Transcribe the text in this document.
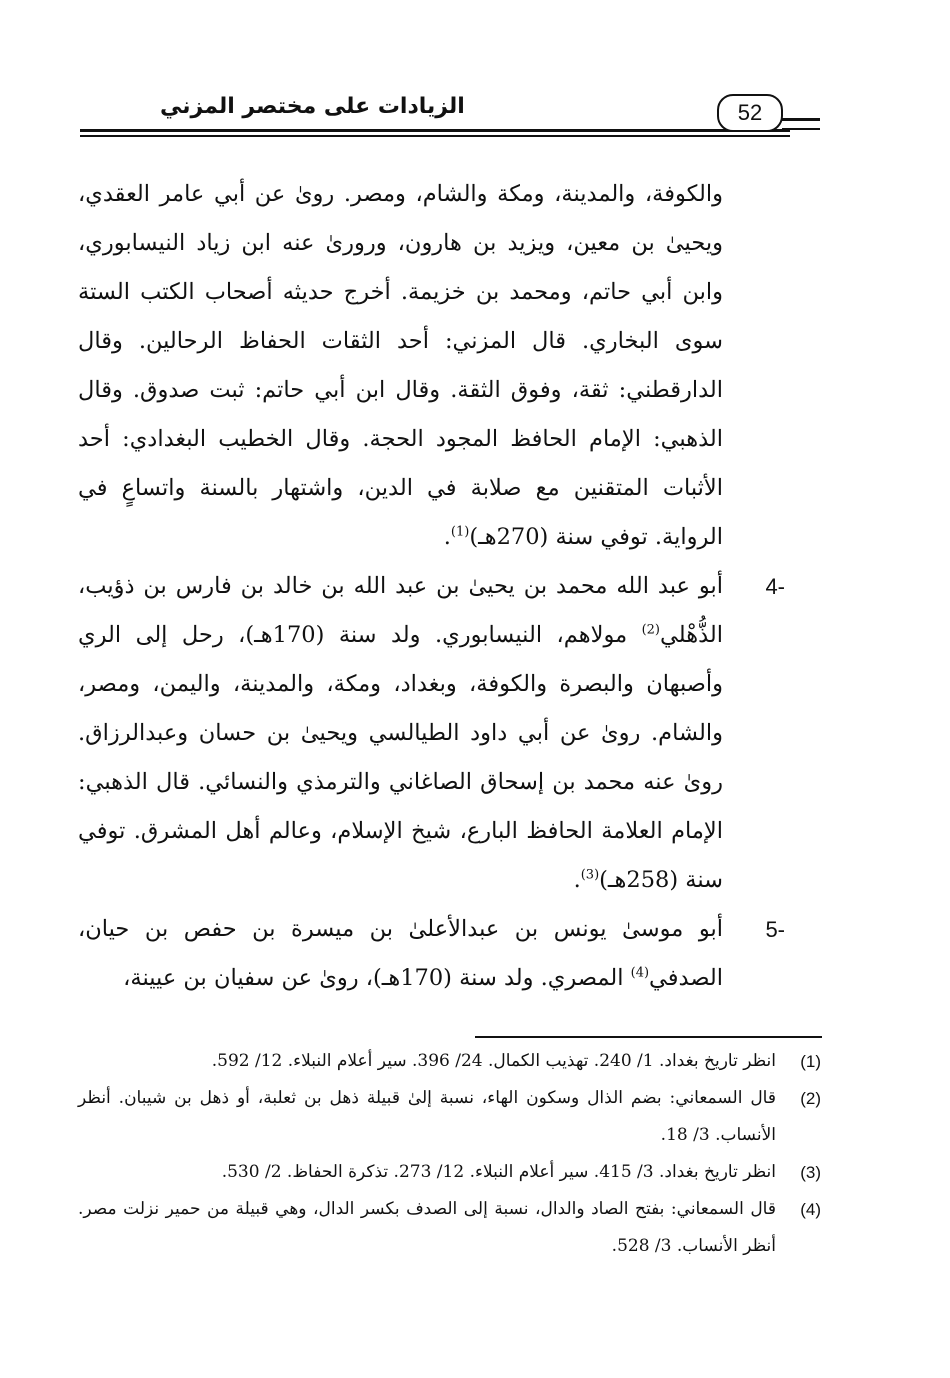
الزيادات على مختصر المزني	52

والكوفة، والمدينة، ومكة والشام، ومصر. روىٰ عن أبي عامر العقدي، ويحيىٰ بن معين، ويزيد بن هارون، ورورىٰ عنه ابن زياد النيسابوري، وابن أبي حاتم، ومحمد بن خزيمة. أخرج حديثه أصحاب الكتب الستة سوى البخاري. قال المزني: أحد الثقات الحفاظ الرحالين. وقال الدارقطني: ثقة، وفوق الثقة. وقال ابن أبي حاتم: ثبت صدوق. وقال الذهبي: الإمام الحافظ المجود الحجة. وقال الخطيب البغدادي: أحد الأثبات المتقنين مع صلابة في الدين، واشتهار بالسنة واتساعٍ في الرواية. توفي سنة (270هـ)$^{(1)}$.

4-
أبو عبد الله محمد بن يحيىٰ بن عبد الله بن خالد بن فارس بن ذؤيب، الذُّهْلي$^{(2)}$ مولاهم، النيسابوري. ولد سنة (170هـ)، رحل إلى الري وأصبهان والبصرة والكوفة، وبغداد، ومكة، والمدينة، واليمن، ومصر، والشام. روىٰ عن أبي داود الطيالسي ويحيىٰ بن حسان وعبدالرزاق. روىٰ عنه محمد بن إسحاق الصاغاني والترمذي والنسائي. قال الذهبي: الإمام العلامة الحافظ البارع، شيخ الإسلام، وعالم أهل المشرق. توفي سنة (258هـ)$^{(3)}$.

5-
أبو موسىٰ يونس بن عبدالأعلىٰ بن ميسرة بن حفص بن حيان، الصدفي$^{(4)}$ المصري. ولد سنة (170هـ)، روىٰ عن سفيان بن عيينة،

(1)
انظر تاريخ بغداد. 1/ 240. تهذيب الكمال. 24/ 396. سير أعلام النبلاء. 12/ 592.

(2)
قال السمعاني: بضم الذال وسكون الهاء، نسبة إلىٰ قبيلة ذهل بن ثعلبة، أو ذهل بن شيبان. أنظر الأنساب. 3/ 18.

(3)
انظر تاريخ بغداد. 3/ 415. سير أعلام النبلاء. 12/ 273. تذكرة الحفاظ. 2/ 530.

(4)
قال السمعاني: بفتح الصاد والدال، نسبة إلى الصدف بكسر الدال، وهي قبيلة من حمير نزلت مصر. أنظر الأنساب. 3/ 528.
